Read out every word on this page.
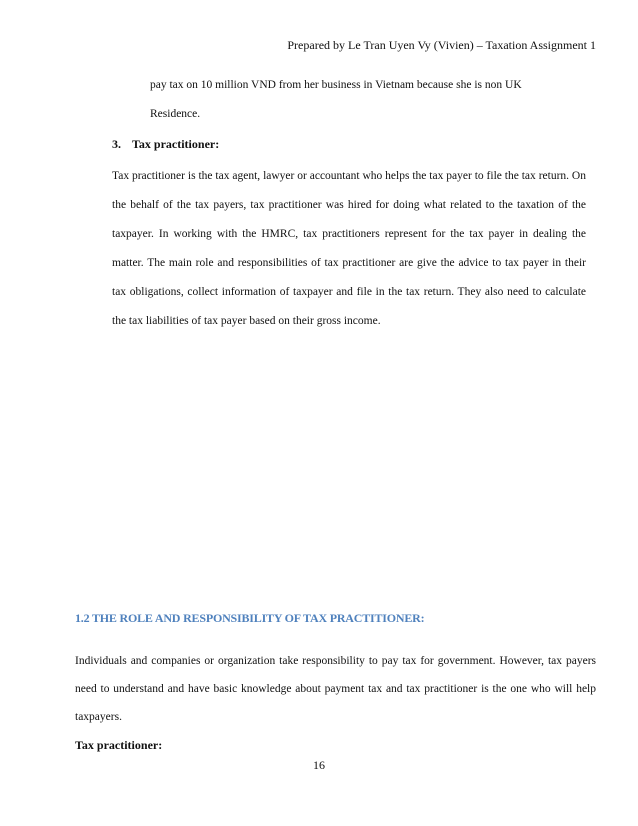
Prepared by Le Tran Uyen Vy (Vivien) – Taxation Assignment 1

pay tax on 10 million VND from her business in Vietnam because she is non UK Residence.

3. Tax practitioner:

Tax practitioner is the tax agent, lawyer or accountant who helps the tax payer to file the tax return. On the behalf of the tax payers, tax practitioner was hired for doing what related to the taxation of the taxpayer. In working with the HMRC, tax practitioners represent for the tax payer in dealing the matter. The main role and responsibilities of tax practitioner are give the advice to tax payer in their tax obligations, collect information of taxpayer and file in the tax return. They also need to calculate the tax liabilities of tax payer based on their gross income.

1.2 THE ROLE AND RESPONSIBILITY OF TAX PRACTITIONER:

Individuals and companies or organization take responsibility to pay tax for government. However, tax payers need to understand and have basic knowledge about payment tax and tax practitioner is the one who will help taxpayers.

Tax practitioner:
16
